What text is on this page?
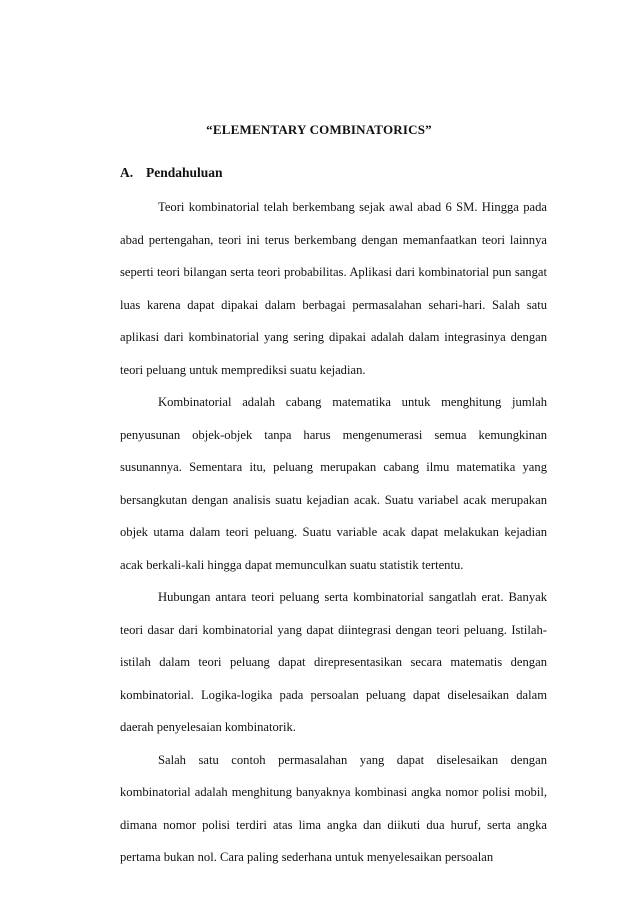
“ELEMENTARY COMBINATORICS”
A. Pendahuluan

Teori kombinatorial telah berkembang sejak awal abad 6 SM. Hingga pada abad pertengahan, teori ini terus berkembang dengan memanfaatkan teori lainnya seperti teori bilangan serta teori probabilitas. Aplikasi dari kombinatorial pun sangat luas karena dapat dipakai dalam berbagai permasalahan sehari-hari. Salah satu aplikasi dari kombinatorial yang sering dipakai adalah dalam integrasinya dengan teori peluang untuk memprediksi suatu kejadian.

Kombinatorial adalah cabang matematika untuk menghitung jumlah penyusunan objek-objek tanpa harus mengenumerasi semua kemungkinan susunannya. Sementara itu, peluang merupakan cabang ilmu matematika yang bersangkutan dengan analisis suatu kejadian acak. Suatu variabel acak merupakan objek utama dalam teori peluang. Suatu variable acak dapat melakukan kejadian acak berkali-kali hingga dapat memunculkan suatu statistik tertentu.

Hubungan antara teori peluang serta kombinatorial sangatlah erat. Banyak teori dasar dari kombinatorial yang dapat diintegrasi dengan teori peluang. Istilah-istilah dalam teori peluang dapat direpresentasikan secara matematis dengan kombinatorial. Logika-logika pada persoalan peluang dapat diselesaikan dalam daerah penyelesaian kombinatorik.

Salah satu contoh permasalahan yang dapat diselesaikan dengan kombinatorial adalah menghitung banyaknya kombinasi angka nomor polisi mobil, dimana nomor polisi terdiri atas lima angka dan diikuti dua huruf, serta angka pertama bukan nol. Cara paling sederhana untuk menyelesaikan persoalan
